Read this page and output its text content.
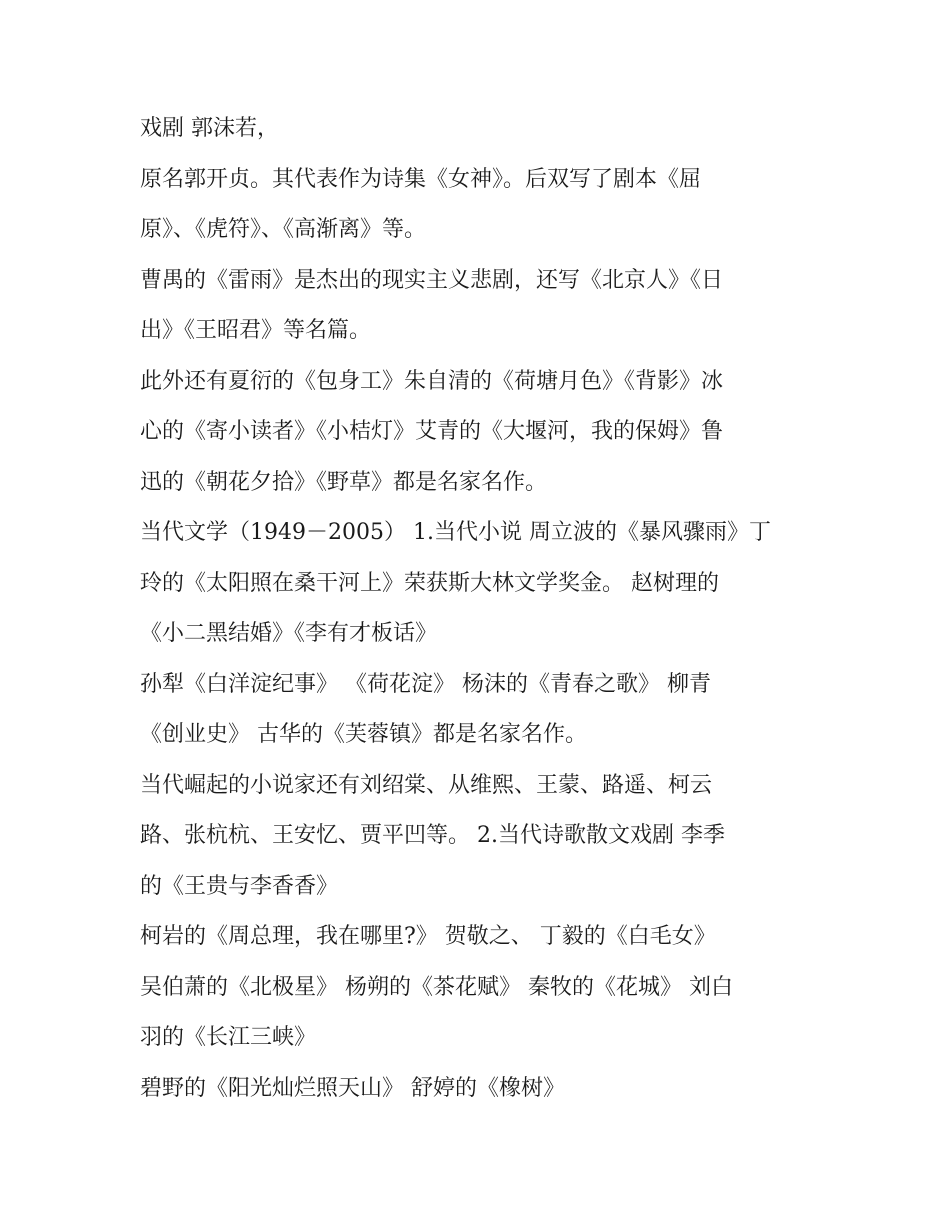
戏剧 郭沫若，
原名郭开贞。其代表作为诗集《女神》。后双写了剧本《屈
原》、《虎符》、《高渐离》等。
曹禺的《雷雨》是杰出的现实主义悲剧，还写《北京人》《日
出》《王昭君》等名篇。
此外还有夏衍的《包身工》朱自清的《荷塘月色》《背影》冰
心的《寄小读者》《小桔灯》艾青的《大堰河，我的保姆》鲁
迅的《朝花夕拾》《野草》都是名家名作。
当代文学（1949－2005） 1.当代小说 周立波的《暴风骤雨》丁
玲的《太阳照在桑干河上》荣获斯大林文学奖金。 赵树理的
《小二黑结婚》《李有才板话》
孙犁《白洋淀纪事》 《荷花淀》 杨沫的《青春之歌》 柳青
《创业史》 古华的《芙蓉镇》都是名家名作。
当代崛起的小说家还有刘绍棠、从维熙、王蒙、路遥、柯云
路、张杭杭、王安忆、贾平凹等。 2.当代诗歌散文戏剧 李季
的《王贵与李香香》
柯岩的《周总理，我在哪里?》 贺敬之、 丁毅的《白毛女》
吴伯萧的《北极星》 杨朔的《茶花赋》 秦牧的《花城》 刘白
羽的《长江三峡》
碧野的《阳光灿烂照天山》 舒婷的《橡树》
